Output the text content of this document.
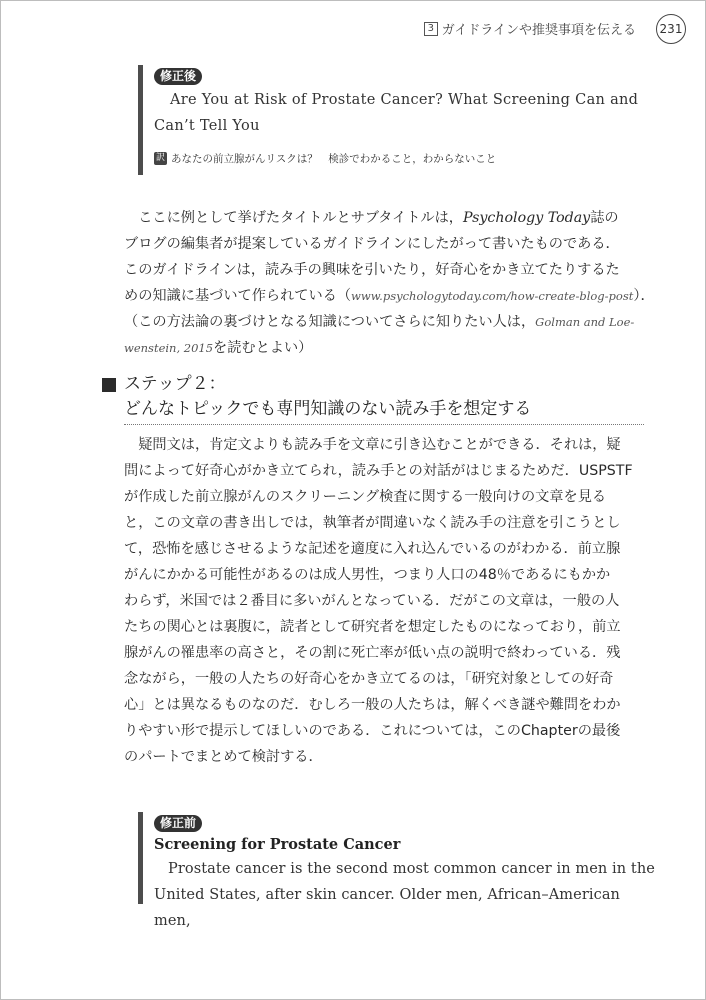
3 ガイドラインや推奨事項を伝える 231
修正後
Are You at Risk of Prostate Cancer? What Screening Can and
Can’t Tell You
訳 あなたの前立腺がんリスクは？　検診でわかること，わからないこと
　ここに例として挙げたタイトルとサブタイトルは，Psychology Today誌の
ブログの編集者が提案しているガイドラインにしたがって書いたものである．
このガイドラインは，読み手の興味を引いたり，好奇心をかき立てたりするた
めの知識に基づいて作られている（www.psychologytoday.com/how-create-blog-post）．
（この方法論の裏づけとなる知識についてさらに知りたい人は，Golman and Loe-
wenstein, 2015を読むとよい）
ステップ２：
どんなトピックでも専門知識のない読み手を想定する
　疑問文は，肯定文よりも読み手を文章に引き込むことができる．それは，疑
問によって好奇心がかき立てられ，読み手との対話がはじまるためだ．USPSTF
が作成した前立腺がんのスクリーニング検査に関する一般向けの文章を見る
と，この文章の書き出しでは，執筆者が間違いなく読み手の注意を引こうとし
て，恐怖を感じさせるような記述を適度に入れ込んでいるのがわかる．前立腺
がんにかかる可能性があるのは成人男性，つまり人口の48％であるにもかか
わらず，米国では２番目に多いがんとなっている．だがこの文章は，一般の人
たちの関心とは裏腹に，読者として研究者を想定したものになっており，前立
腺がんの罹患率の高さと，その割に死亡率が低い点の説明で終わっている．残
念ながら，一般の人たちの好奇心をかき立てるのは，「研究対象としての好奇
心」とは異なるものなのだ．むしろ一般の人たちは，解くべき謎や難問をわか
りやすい形で提示してほしいのである．これについては，このChapterの最後
のパートでまとめて検討する．
修正前
Screening for Prostate Cancer
Prostate cancer is the second most common cancer in men in the
United States, after skin cancer. Older men, African–American men,
